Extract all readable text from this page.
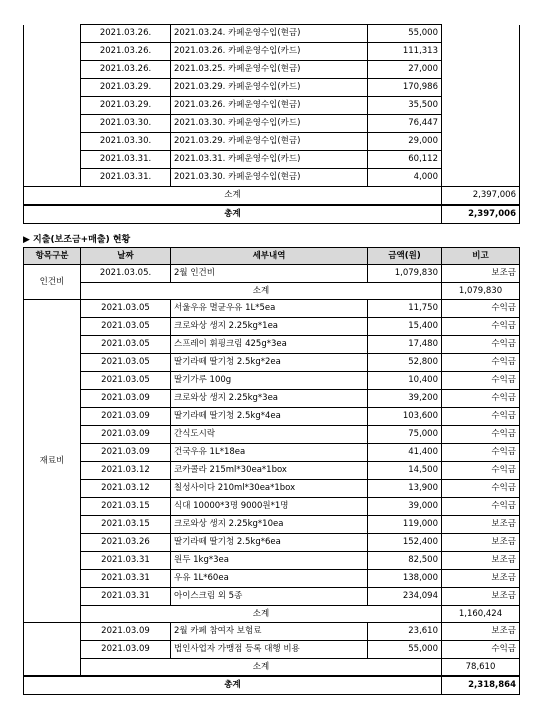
	2021.03.26.	2021.03.24. 카페운영수입(현금)	55,000	
	2021.03.26.	2021.03.26. 카페운영수입(카드)	111,313	
	2021.03.26.	2021.03.25. 카페운영수입(현금)	27,000	
	2021.03.29.	2021.03.29. 카페운영수입(카드)	170,986	
	2021.03.29.	2021.03.26. 카페운영수입(현금)	35,500	
	2021.03.30.	2021.03.30. 카페운영수입(카드)	76,447	
	2021.03.30.	2021.03.29. 카페운영수입(현금)	29,000	
	2021.03.31.	2021.03.31. 카페운영수입(카드)	60,112	
	2021.03.31.	2021.03.30. 카페운영수입(현금)	4,000	
소계				2,397,006
총계				2,397,006
▶ 지출(보조금+매출) 현황
항목구분	날짜	세부내역	금액(원)	비고
인건비	2021.03.05.	2월 인건비	1,079,830	보조금
	소계			1,079,830
재료비	2021.03.05	서울우유 멸균우유 1L*5ea	11,750	수익금
	2021.03.05	크로와상 생지 2.25kg*1ea	15,400	수익금
	2021.03.05	스프레이 휘핑크림 425g*3ea	17,480	수익금
	2021.03.05	딸기라떼 딸기청 2.5kg*2ea	52,800	수익금
	2021.03.05	딸기가루 100g	10,400	수익금
	2021.03.09	크로와상 생지 2.25kg*3ea	39,200	수익금
	2021.03.09	딸기라떼 딸기청 2.5kg*4ea	103,600	수익금
	2021.03.09	간식도시락	75,000	수익금
	2021.03.09	건국우유 1L*18ea	41,400	수익금
	2021.03.12	코카콜라 215ml*30ea*1box	14,500	수익금
	2021.03.12	칠성사이다 210ml*30ea*1box	13,900	수익금
	2021.03.15	식대 10000*3명 9000원*1명	39,000	수익금
	2021.03.15	크로와상 생지 2.25kg*10ea	119,000	보조금
	2021.03.26	딸기라떼 딸기청 2.5kg*6ea	152,400	보조금
	2021.03.31	원두 1kg*3ea	82,500	보조금
	2021.03.31	우유 1L*60ea	138,000	보조금
	2021.03.31	아이스크림 외 5종	234,094	보조금
	소계			1,160,424
	2021.03.09	2월 카페 참여자 보험료	23,610	보조금
	2021.03.09	법인사업자 가맹점 등록 대행 비용	55,000	수익금
	소계			78,610
총계				2,318,864
